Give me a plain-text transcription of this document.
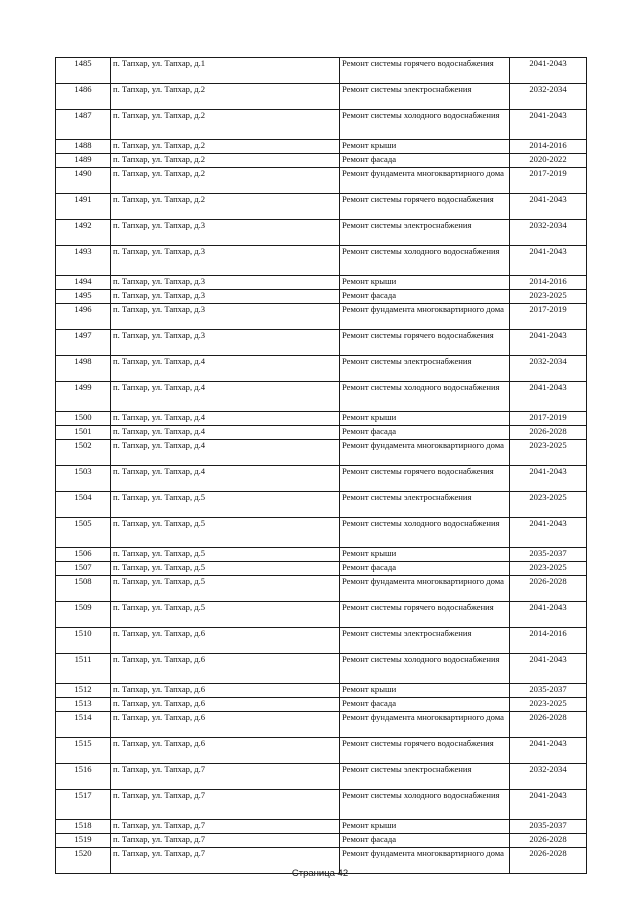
1485	п. Тапхар, ул. Тапхар, д.1	Ремонт системы горячего водоснабжения	2041-2043
1486	п. Тапхар, ул. Тапхар, д.2	Ремонт системы электроснабжения	2032-2034
1487	п. Тапхар, ул. Тапхар, д.2	Ремонт системы холодного водоснабжения	2041-2043
1488	п. Тапхар, ул. Тапхар, д.2	Ремонт крыши	2014-2016
1489	п. Тапхар, ул. Тапхар, д.2	Ремонт фасада	2020-2022
1490	п. Тапхар, ул. Тапхар, д.2	Ремонт фундамента многоквартирного дома	2017-2019
1491	п. Тапхар, ул. Тапхар, д.2	Ремонт системы горячего водоснабжения	2041-2043
1492	п. Тапхар, ул. Тапхар, д.3	Ремонт системы электроснабжения	2032-2034
1493	п. Тапхар, ул. Тапхар, д.3	Ремонт системы холодного водоснабжения	2041-2043
1494	п. Тапхар, ул. Тапхар, д.3	Ремонт крыши	2014-2016
1495	п. Тапхар, ул. Тапхар, д.3	Ремонт фасада	2023-2025
1496	п. Тапхар, ул. Тапхар, д.3	Ремонт фундамента многоквартирного дома	2017-2019
1497	п. Тапхар, ул. Тапхар, д.3	Ремонт системы горячего водоснабжения	2041-2043
1498	п. Тапхар, ул. Тапхар, д.4	Ремонт системы электроснабжения	2032-2034
1499	п. Тапхар, ул. Тапхар, д.4	Ремонт системы холодного водоснабжения	2041-2043
1500	п. Тапхар, ул. Тапхар, д.4	Ремонт крыши	2017-2019
1501	п. Тапхар, ул. Тапхар, д.4	Ремонт фасада	2026-2028
1502	п. Тапхар, ул. Тапхар, д.4	Ремонт фундамента многоквартирного дома	2023-2025
1503	п. Тапхар, ул. Тапхар, д.4	Ремонт системы горячего водоснабжения	2041-2043
1504	п. Тапхар, ул. Тапхар, д.5	Ремонт системы электроснабжения	2023-2025
1505	п. Тапхар, ул. Тапхар, д.5	Ремонт системы холодного водоснабжения	2041-2043
1506	п. Тапхар, ул. Тапхар, д.5	Ремонт крыши	2035-2037
1507	п. Тапхар, ул. Тапхар, д.5	Ремонт фасада	2023-2025
1508	п. Тапхар, ул. Тапхар, д.5	Ремонт фундамента многоквартирного дома	2026-2028
1509	п. Тапхар, ул. Тапхар, д.5	Ремонт системы горячего водоснабжения	2041-2043
1510	п. Тапхар, ул. Тапхар, д.6	Ремонт системы электроснабжения	2014-2016
1511	п. Тапхар, ул. Тапхар, д.6	Ремонт системы холодного водоснабжения	2041-2043
1512	п. Тапхар, ул. Тапхар, д.6	Ремонт крыши	2035-2037
1513	п. Тапхар, ул. Тапхар, д.6	Ремонт фасада	2023-2025
1514	п. Тапхар, ул. Тапхар, д.6	Ремонт фундамента многоквартирного дома	2026-2028
1515	п. Тапхар, ул. Тапхар, д.6	Ремонт системы горячего водоснабжения	2041-2043
1516	п. Тапхар, ул. Тапхар, д.7	Ремонт системы электроснабжения	2032-2034
1517	п. Тапхар, ул. Тапхар, д.7	Ремонт системы холодного водоснабжения	2041-2043
1518	п. Тапхар, ул. Тапхар, д.7	Ремонт крыши	2035-2037
1519	п. Тапхар, ул. Тапхар, д.7	Ремонт фасада	2026-2028
1520	п. Тапхар, ул. Тапхар, д.7	Ремонт фундамента многоквартирного дома	2026-2028
Страница 42
